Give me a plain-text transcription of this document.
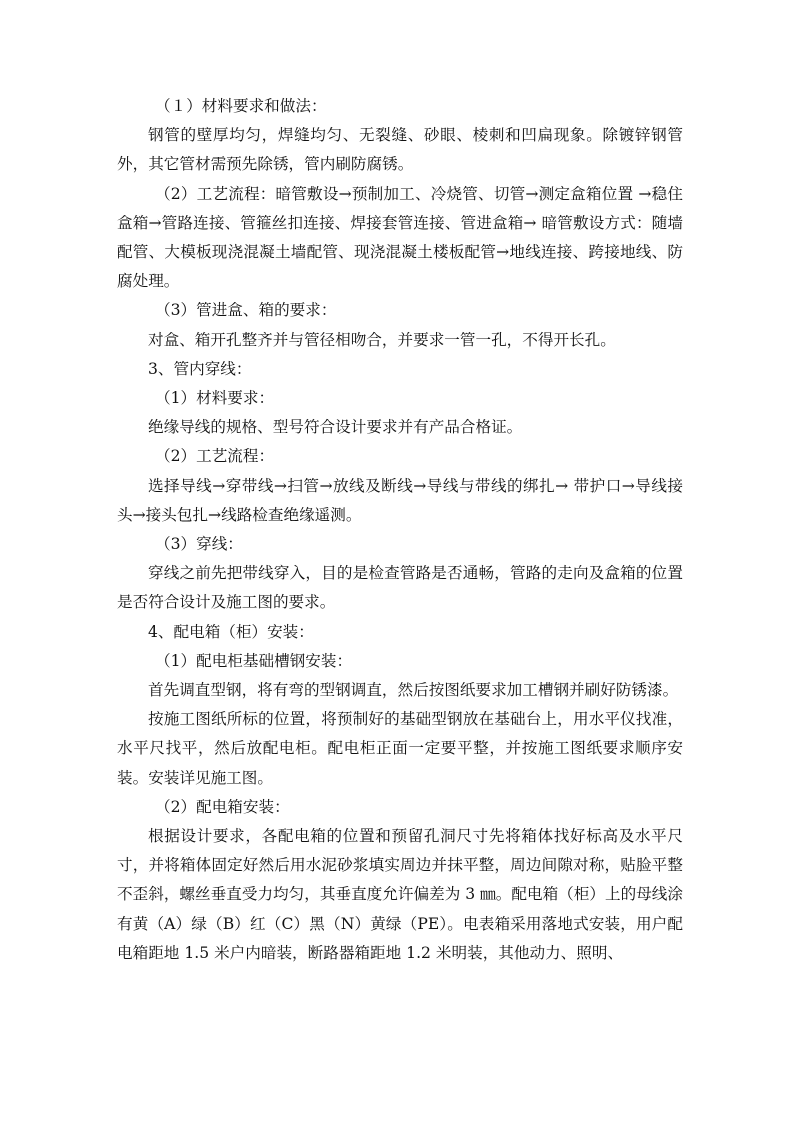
（１）材料要求和做法：

钢管的壁厚均匀，焊缝均匀、无裂缝、砂眼、棱刺和凹扁现象。除镀锌钢管外，其它管材需预先除锈，管内刷防腐锈。

（2）工艺流程：暗管敷设→预制加工、冷烧管、切管→测定盒箱位置 →稳住盒箱→管路连接、管箍丝扣连接、焊接套管连接、管进盒箱→ 暗管敷设方式：随墙配管、大模板现浇混凝土墙配管、现浇混凝土楼板配管→地线连接、跨接地线、防腐处理。

（3）管进盒、箱的要求：

对盒、箱开孔整齐并与管径相吻合，并要求一管一孔，不得开长孔。

3、管内穿线：

（1）材料要求：

绝缘导线的规格、型号符合设计要求并有产品合格证。

（2）工艺流程：

选择导线→穿带线→扫管→放线及断线→导线与带线的绑扎→ 带护口→导线接头→接头包扎→线路检查绝缘遥测。

（3）穿线：

穿线之前先把带线穿入，目的是检查管路是否通畅，管路的走向及盒箱的位置是否符合设计及施工图的要求。

4、配电箱（柜）安装：

（1）配电柜基础槽钢安装：

首先调直型钢，将有弯的型钢调直，然后按图纸要求加工槽钢并刷好防锈漆。

按施工图纸所标的位置，将预制好的基础型钢放在基础台上，用水平仪找准，水平尺找平，然后放配电柜。配电柜正面一定要平整，并按施工图纸要求顺序安装。安装详见施工图。

（2）配电箱安装：

根据设计要求，各配电箱的位置和预留孔洞尺寸先将箱体找好标高及水平尺寸，并将箱体固定好然后用水泥砂浆填实周边并抹平整，周边间隙对称，贴脸平整不歪斜，螺丝垂直受力均匀，其垂直度允许偏差为 3 ㎜。配电箱（柜）上的母线涂有黄（A）绿（B）红（C）黑（N）黄绿（PE）。电表箱采用落地式安装，用户配电箱距地 1.5 米户内暗装，断路器箱距地 1.2 米明装，其他动力、照明、
